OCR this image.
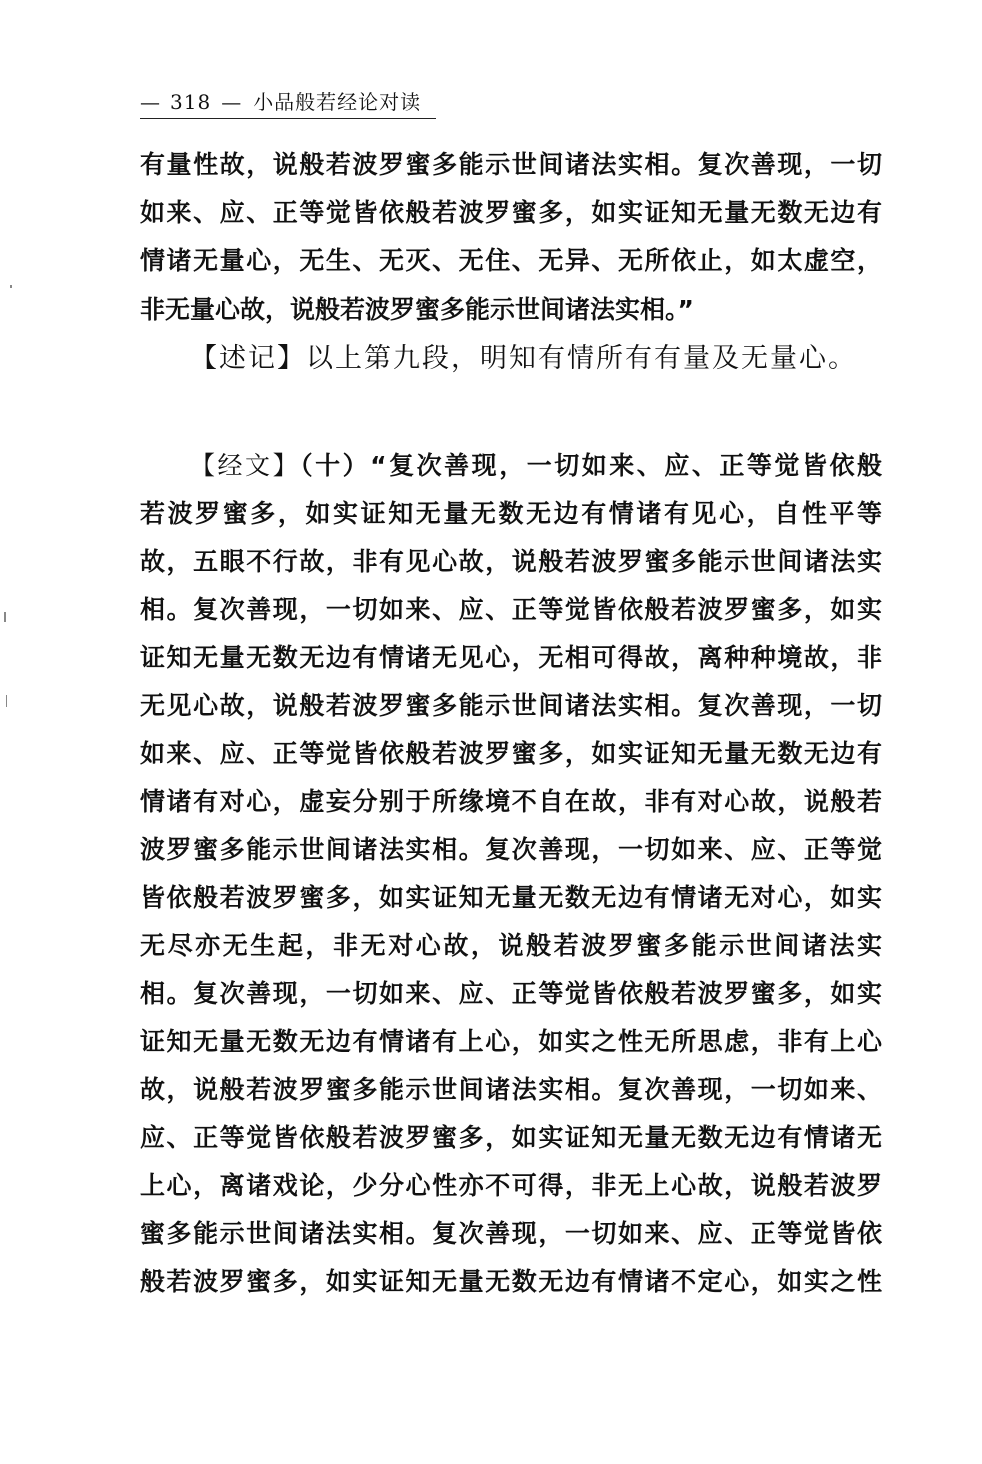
— 318 — 小品般若经论对读
有量性故，说般若波罗蜜多能示世间诸法实相。复次善现，一切
如来、应、正等觉皆依般若波罗蜜多，如实证知无量无数无边有
情诸无量心，无生、无灭、无住、无异、无所依止，如太虚空，
非无量心故，说般若波罗蜜多能示世间诸法实相。”
【述记】以上第九段，明知有情所有有量及无量心。
【经文】（十）“复次善现，一切如来、应、正等觉皆依般
若波罗蜜多，如实证知无量无数无边有情诸有见心，自性平等
故，五眼不行故，非有见心故，说般若波罗蜜多能示世间诸法实
相。复次善现，一切如来、应、正等觉皆依般若波罗蜜多，如实
证知无量无数无边有情诸无见心，无相可得故，离种种境故，非
无见心故，说般若波罗蜜多能示世间诸法实相。复次善现，一切
如来、应、正等觉皆依般若波罗蜜多，如实证知无量无数无边有
情诸有对心，虚妄分别于所缘境不自在故，非有对心故，说般若
波罗蜜多能示世间诸法实相。复次善现，一切如来、应、正等觉
皆依般若波罗蜜多，如实证知无量无数无边有情诸无对心，如实
无尽亦无生起，非无对心故，说般若波罗蜜多能示世间诸法实
相。复次善现，一切如来、应、正等觉皆依般若波罗蜜多，如实
证知无量无数无边有情诸有上心，如实之性无所思虑，非有上心
故，说般若波罗蜜多能示世间诸法实相。复次善现，一切如来、
应、正等觉皆依般若波罗蜜多，如实证知无量无数无边有情诸无
上心，离诸戏论，少分心性亦不可得，非无上心故，说般若波罗
蜜多能示世间诸法实相。复次善现，一切如来、应、正等觉皆依
般若波罗蜜多，如实证知无量无数无边有情诸不定心，如实之性
